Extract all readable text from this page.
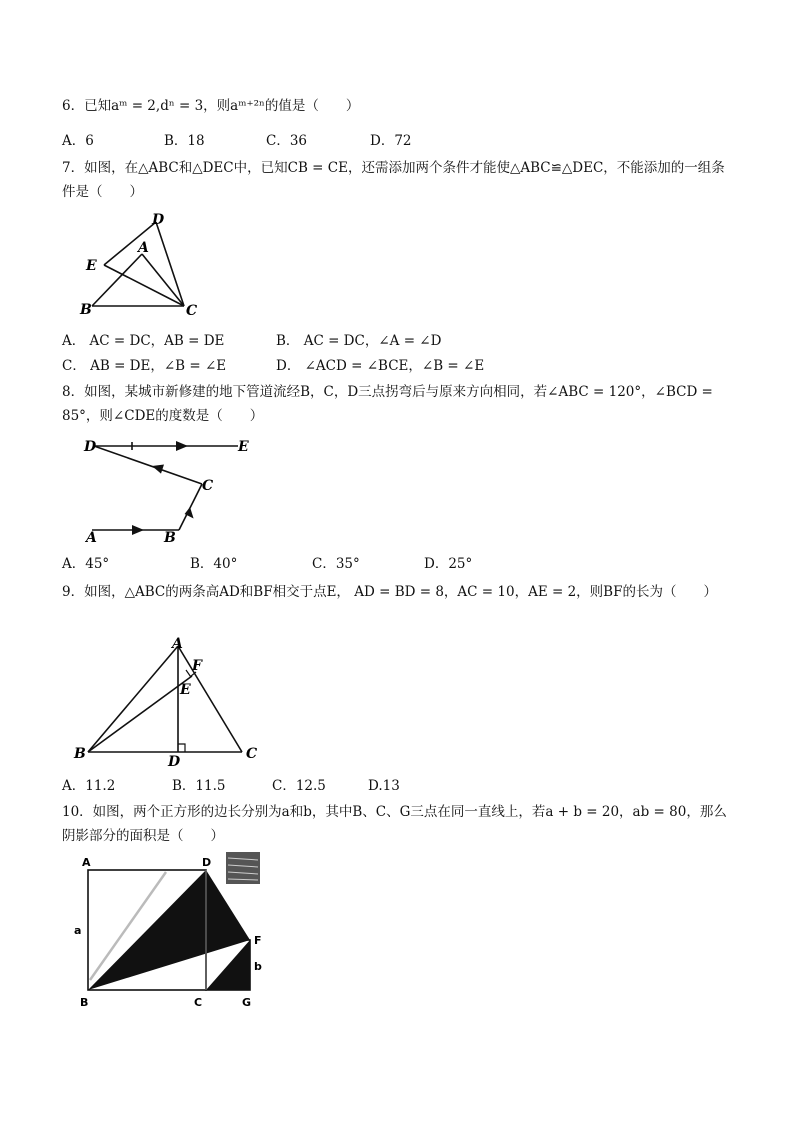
6．已知aᵐ = 2,dⁿ = 3，则aᵐ⁺²ⁿ的值是（　　）
A．6	B．18	C．36	D．72
7．如图，在△ABC和△DEC中，已知CB = CE，还需添加两个条件才能使△ABC≌△DEC，不能添加的一组条件是（　　）
D
A
E
B	C
A． AC = DC，AB = DE	B． AC = DC，∠A = ∠D
C． AB = DE，∠B = ∠E	D． ∠ACD = ∠BCE，∠B = ∠E
8．如图，某城市新修建的地下管道流经B，C，D三点拐弯后与原来方向相同，若∠ABC = 120°，∠BCD = 85°，则∠CDE的度数是（　　）
D	E
C
A	B
A．45°	B．40°	C．35°	D．25°
9．如图，△ABC的两条高AD和BF相交于点E， AD = BD = 8，AC = 10，AE = 2，则BF的长为（　　）
A
F
E
B	D	C
A．11.2	B．11.5	C．12.5	D.13
10．如图，两个正方形的边长分别为a和b，其中B、C、G三点在同一直线上，若a + b = 20，ab = 80，那么阴影部分的面积是（　　）
A	D
a
F
b
B	C	G
